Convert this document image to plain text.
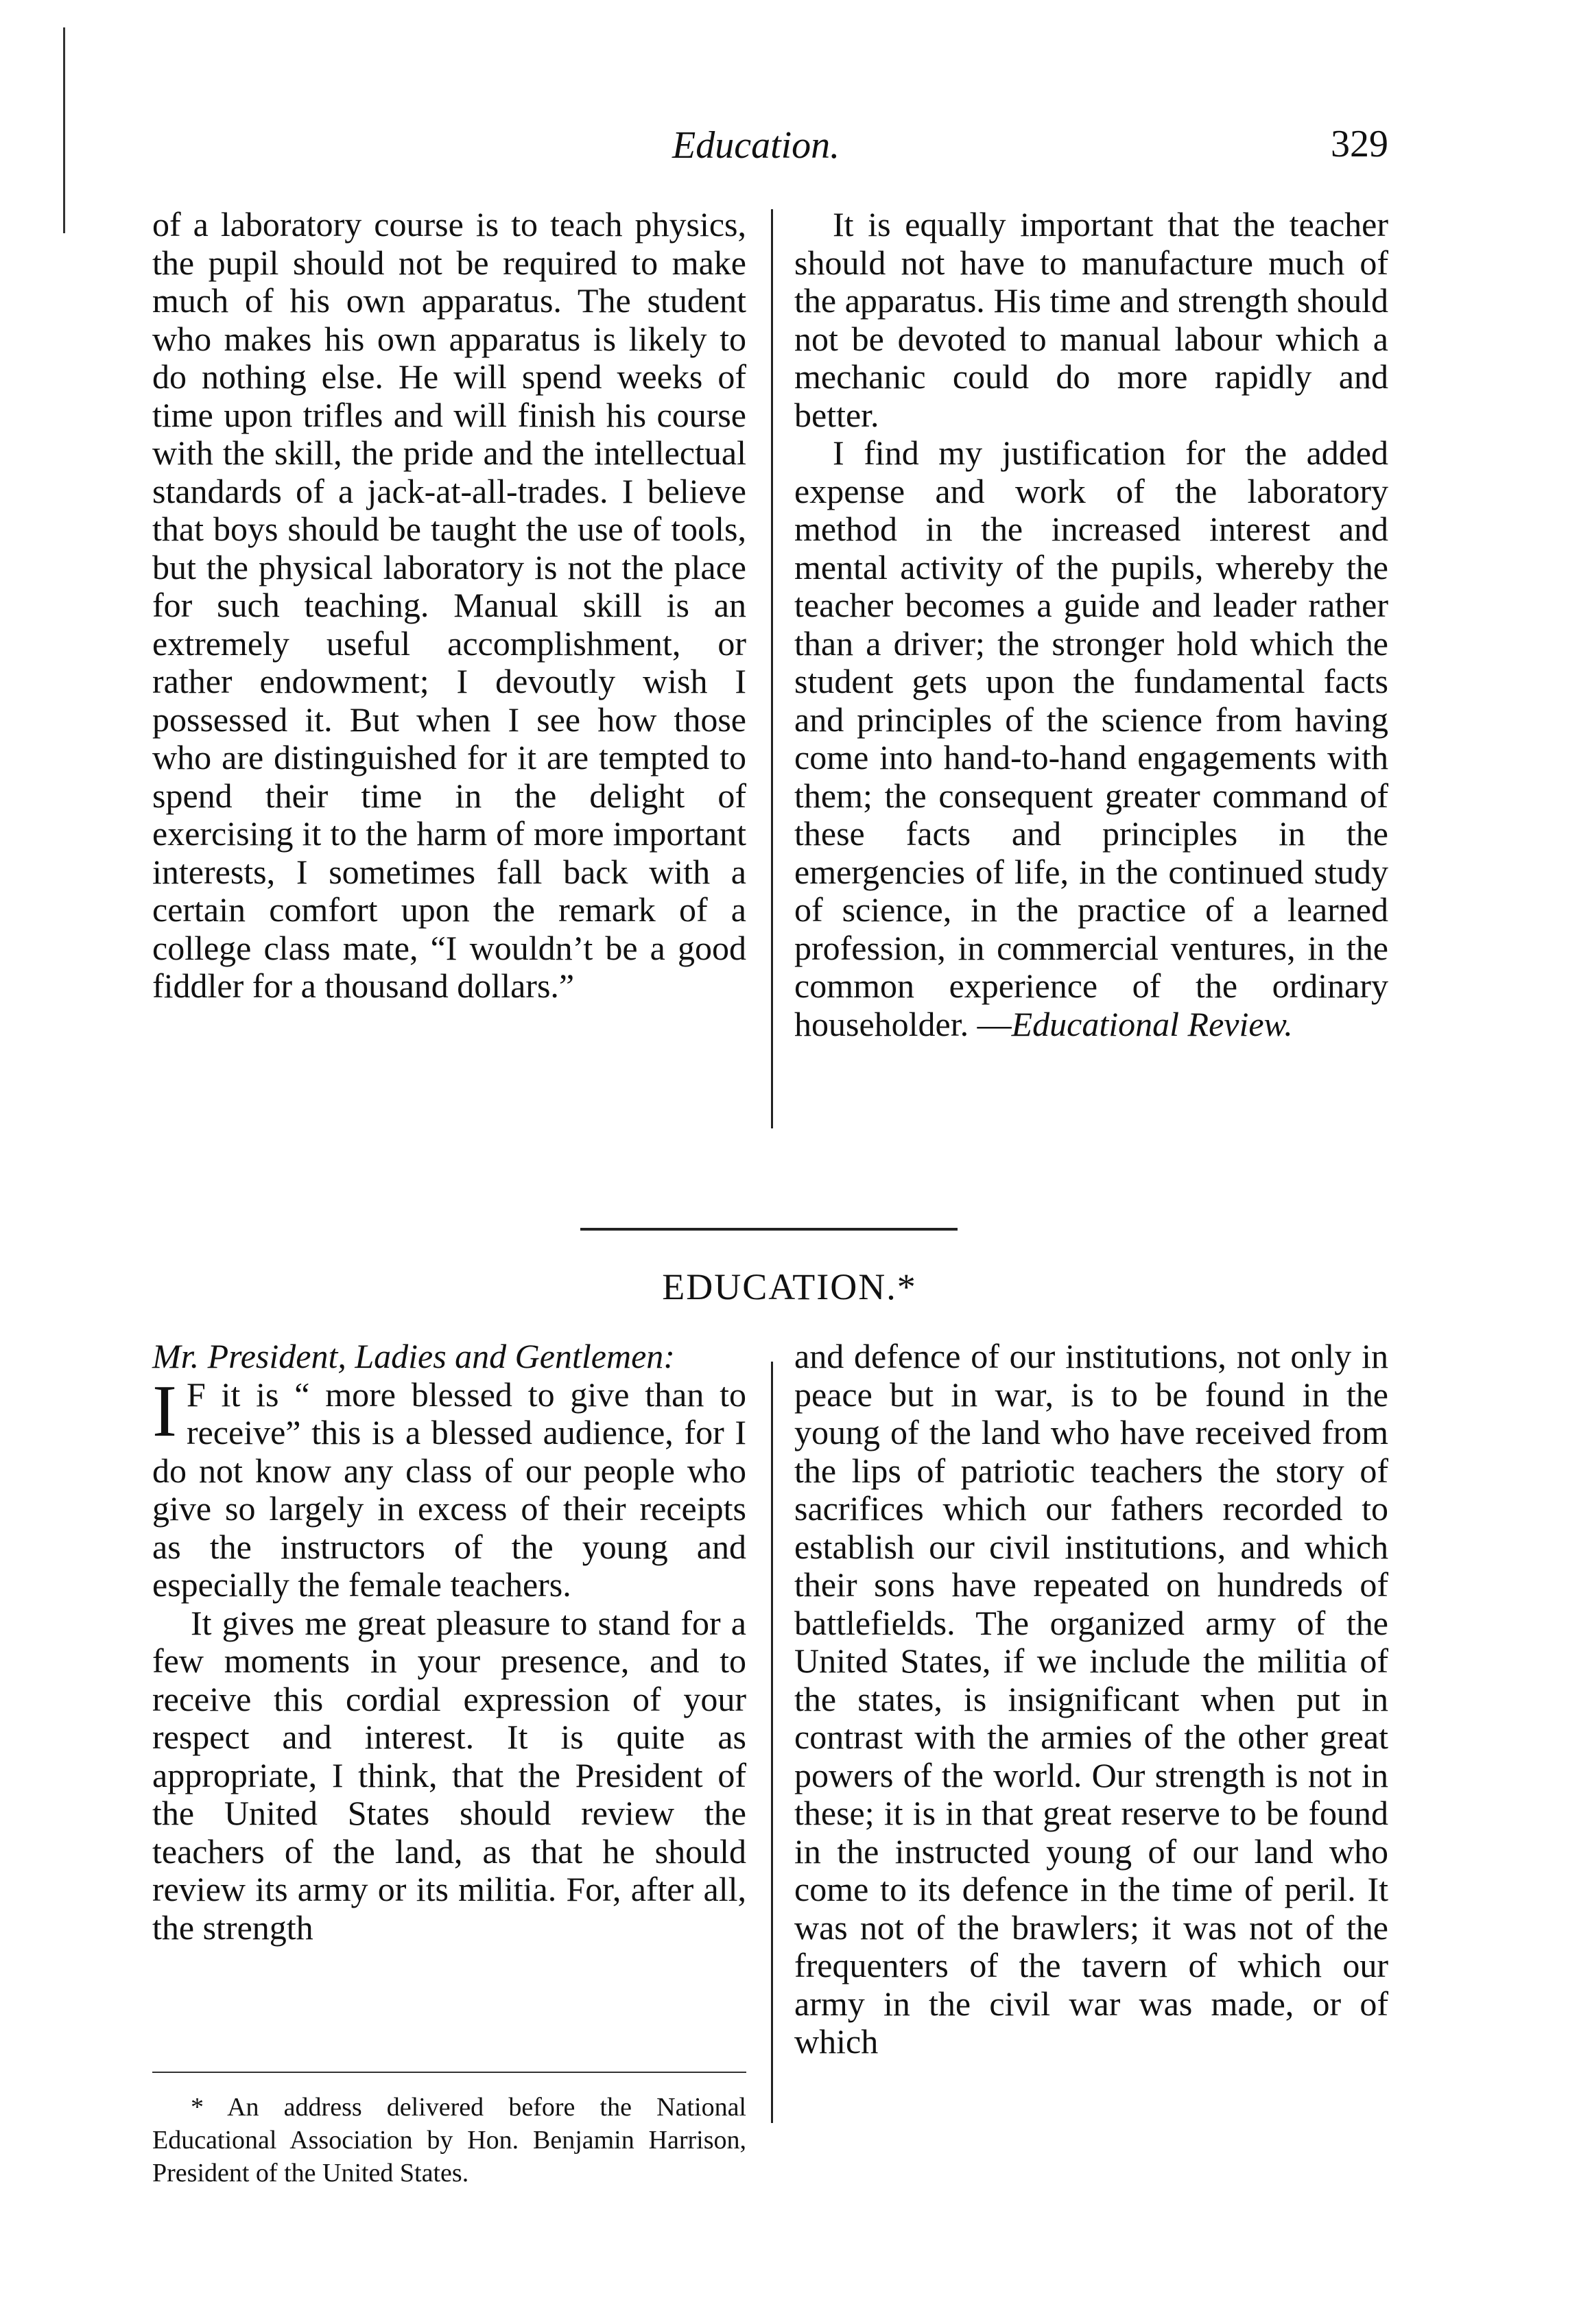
Education.	329

of a laboratory course is to teach physics, the pupil should not be required to make much of his own apparatus. The student who makes his own apparatus is likely to do nothing else. He will spend weeks of time upon trifles and will finish his course with the skill, the pride and the intellectual standards of a jack-at-all-trades. I believe that boys should be taught the use of tools, but the physical laboratory is not the place for such teaching. Manual skill is an extremely useful accomplishment, or rather endowment; I devoutly wish I possessed it. But when I see how those who are distinguished for it are tempted to spend their time in the delight of exercising it to the harm of more important interests, I sometimes fall back with a certain comfort upon the remark of a college class mate, “I wouldn’t be a good fiddler for a thousand dollars.”

It is equally important that the teacher should not have to manufacture much of the apparatus. His time and strength should not be devoted to manual labour which a mechanic could do more rapidly and better.

I find my justification for the added expense and work of the laboratory method in the increased interest and mental activity of the pupils, whereby the teacher becomes a guide and leader rather than a driver; the stronger hold which the student gets upon the fundamental facts and principles of the science from having come into hand-to-hand engagements with them; the consequent greater command of these facts and principles in the emergencies of life, in the continued study of science, in the practice of a learned profession, in commercial ventures, in the common experience of the ordinary householder. —Educational Review.

EDUCATION.*

Mr. President, Ladies and Gentlemen:

IF it is “ more blessed to give than to receive” this is a blessed audience, for I do not know any class of our people who give so largely in excess of their receipts as the instructors of the young and especially the female teachers.

It gives me great pleasure to stand for a few moments in your presence, and to receive this cordial expression of your respect and interest. It is quite as appropriate, I think, that the President of the United States should review the teachers of the land, as that he should review its army or its militia. For, after all, the strength

and defence of our institutions, not only in peace but in war, is to be found in the young of the land who have received from the lips of patriotic teachers the story of sacrifices which our fathers recorded to establish our civil institutions, and which their sons have repeated on hundreds of battlefields. The organized army of the United States, if we include the militia of the states, is insignificant when put in contrast with the armies of the other great powers of the world. Our strength is not in these; it is in that great reserve to be found in the instructed young of our land who come to its defence in the time of peril. It was not of the brawlers; it was not of the frequenters of the tavern of which our army in the civil war was made, or of which

* An address delivered before the National Educational Association by Hon. Benjamin Harrison, President of the United States.
